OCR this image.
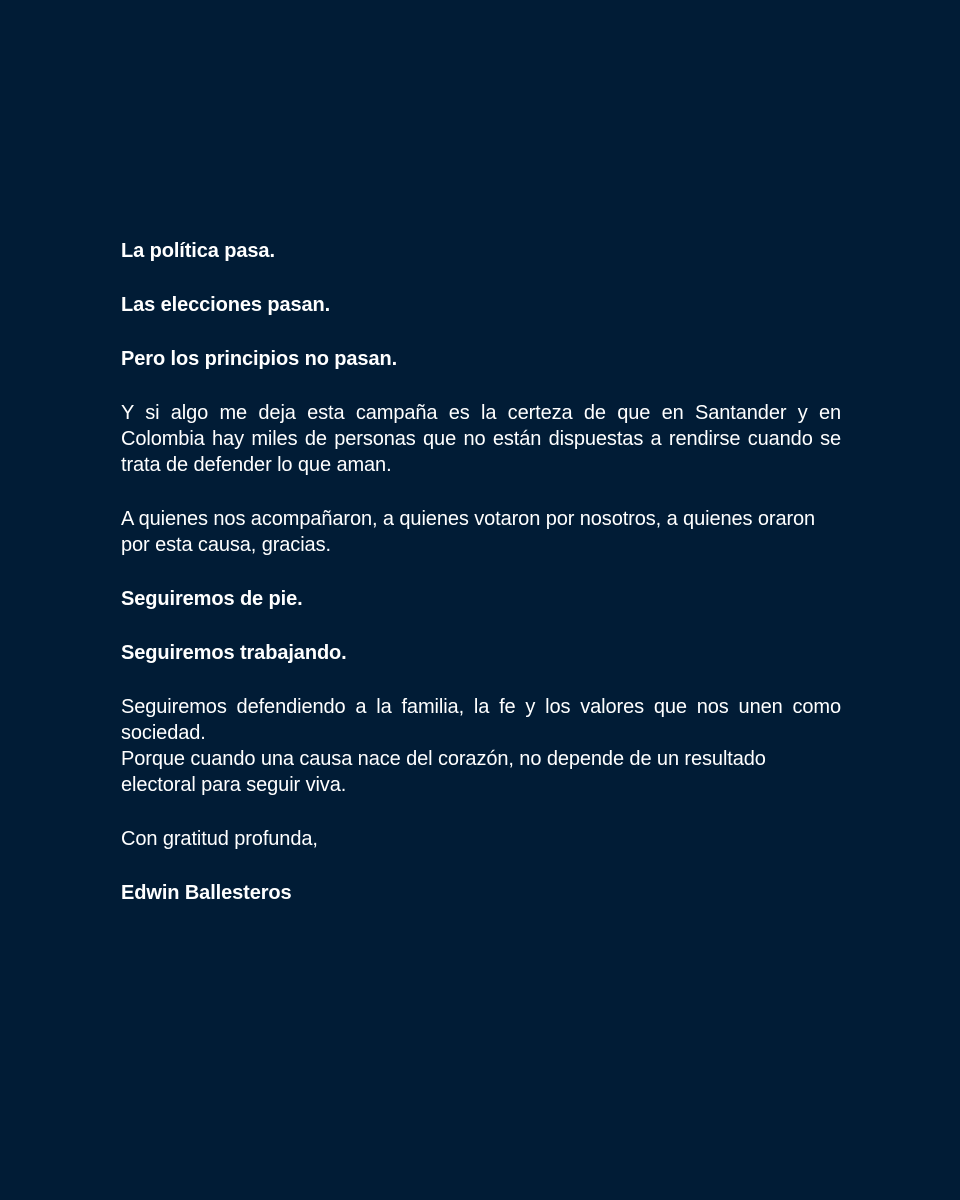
La política pasa.

Las elecciones pasan.

Pero los principios no pasan.

Y si algo me deja esta campaña es la certeza de que en Santander y en Colombia hay miles de personas que no están dispuestas a rendirse cuando se trata de defender lo que aman.

A quienes nos acompañaron, a quienes votaron por nosotros, a quienes oraron por esta causa, gracias.

Seguiremos de pie.

Seguiremos trabajando.

Seguiremos defendiendo a la familia, la fe y los valores que nos unen como sociedad.

Porque cuando una causa nace del corazón, no depende de un resultado electoral para seguir viva.

Con gratitud profunda,

Edwin Ballesteros
